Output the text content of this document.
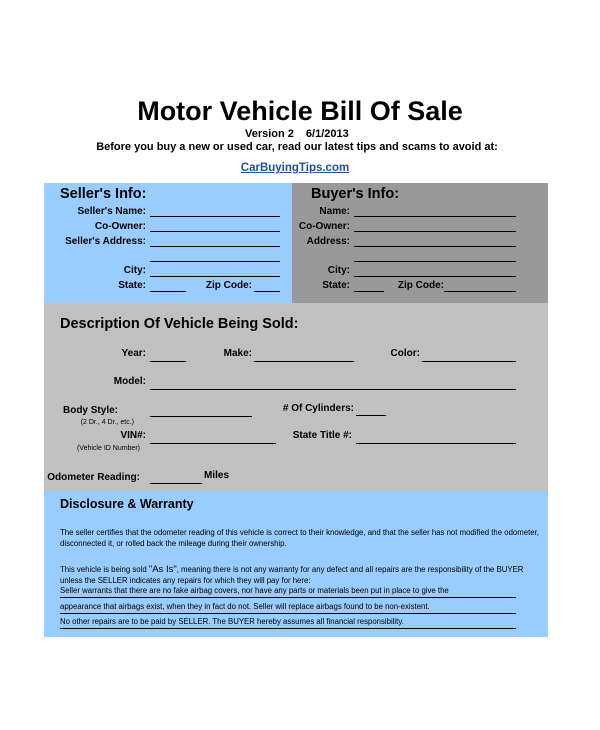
Motor Vehicle Bill Of Sale
Version 2 6/1/2013
Before you buy a new or used car, read our latest tips and scams to avoid at:
CarBuyingTips.com
Seller's Info:
Seller's Name:
Co-Owner:
Seller's Address:
City:
State:	Zip Code:
Buyer's Info:
Name:
Co-Owner:
Address:
City:
State:	Zip Code:
Description Of Vehicle Being Sold:
Year:	Make:	Color:
Model:
Body Style:
(2 Dr., 4 Dr., etc.)
# Of Cylinders:
VIN#:
(Vehicle ID Number)
State Title #:
Odometer Reading:	Miles
Disclosure & Warranty
The seller certifies that the odometer reading of this vehicle is correct to their knowledge, and that the seller has not modified the odometer, disconnected it, or rolled back the mileage during their ownership.
This vehicle is being sold "As Is", meaning there is not any warranty for any defect and all repairs are the responsibility of the BUYER unless the SELLER indicates any repairs for which they will pay for here:
Seller warrants that there are no fake airbag covers, nor have any parts or materials been put in place to give the
appearance that airbags exist, when they in fact do not. Seller will replace airbags found to be non-existent.
No other repairs are to be paid by SELLER. The BUYER hereby assumes all financial responsibility.
